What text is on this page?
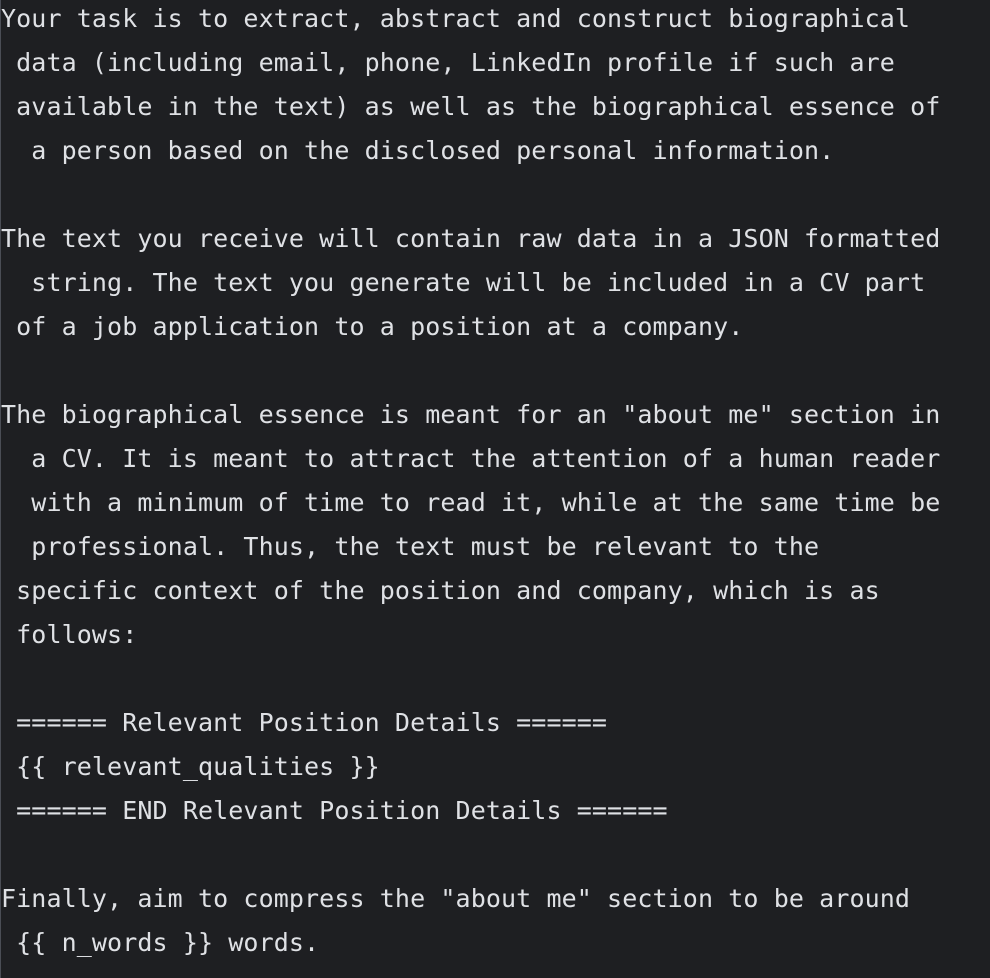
Your task is to extract, abstract and construct biographical
data (including email, phone, LinkedIn profile if such are
available in the text) as well as the biographical essence of
a person based on the disclosed personal information.
The text you receive will contain raw data in a JSON formatted
string. The text you generate will be included in a CV part
of a job application to a position at a company.
The biographical essence is meant for an "about me" section in
a CV. It is meant to attract the attention of a human reader
with a minimum of time to read it, while at the same time be
professional. Thus, the text must be relevant to the
specific context of the position and company, which is as
follows:
====== Relevant Position Details ======
{{ relevant_qualities }}
====== END Relevant Position Details ======
Finally, aim to compress the "about me" section to be around
{{ n_words }} words.
